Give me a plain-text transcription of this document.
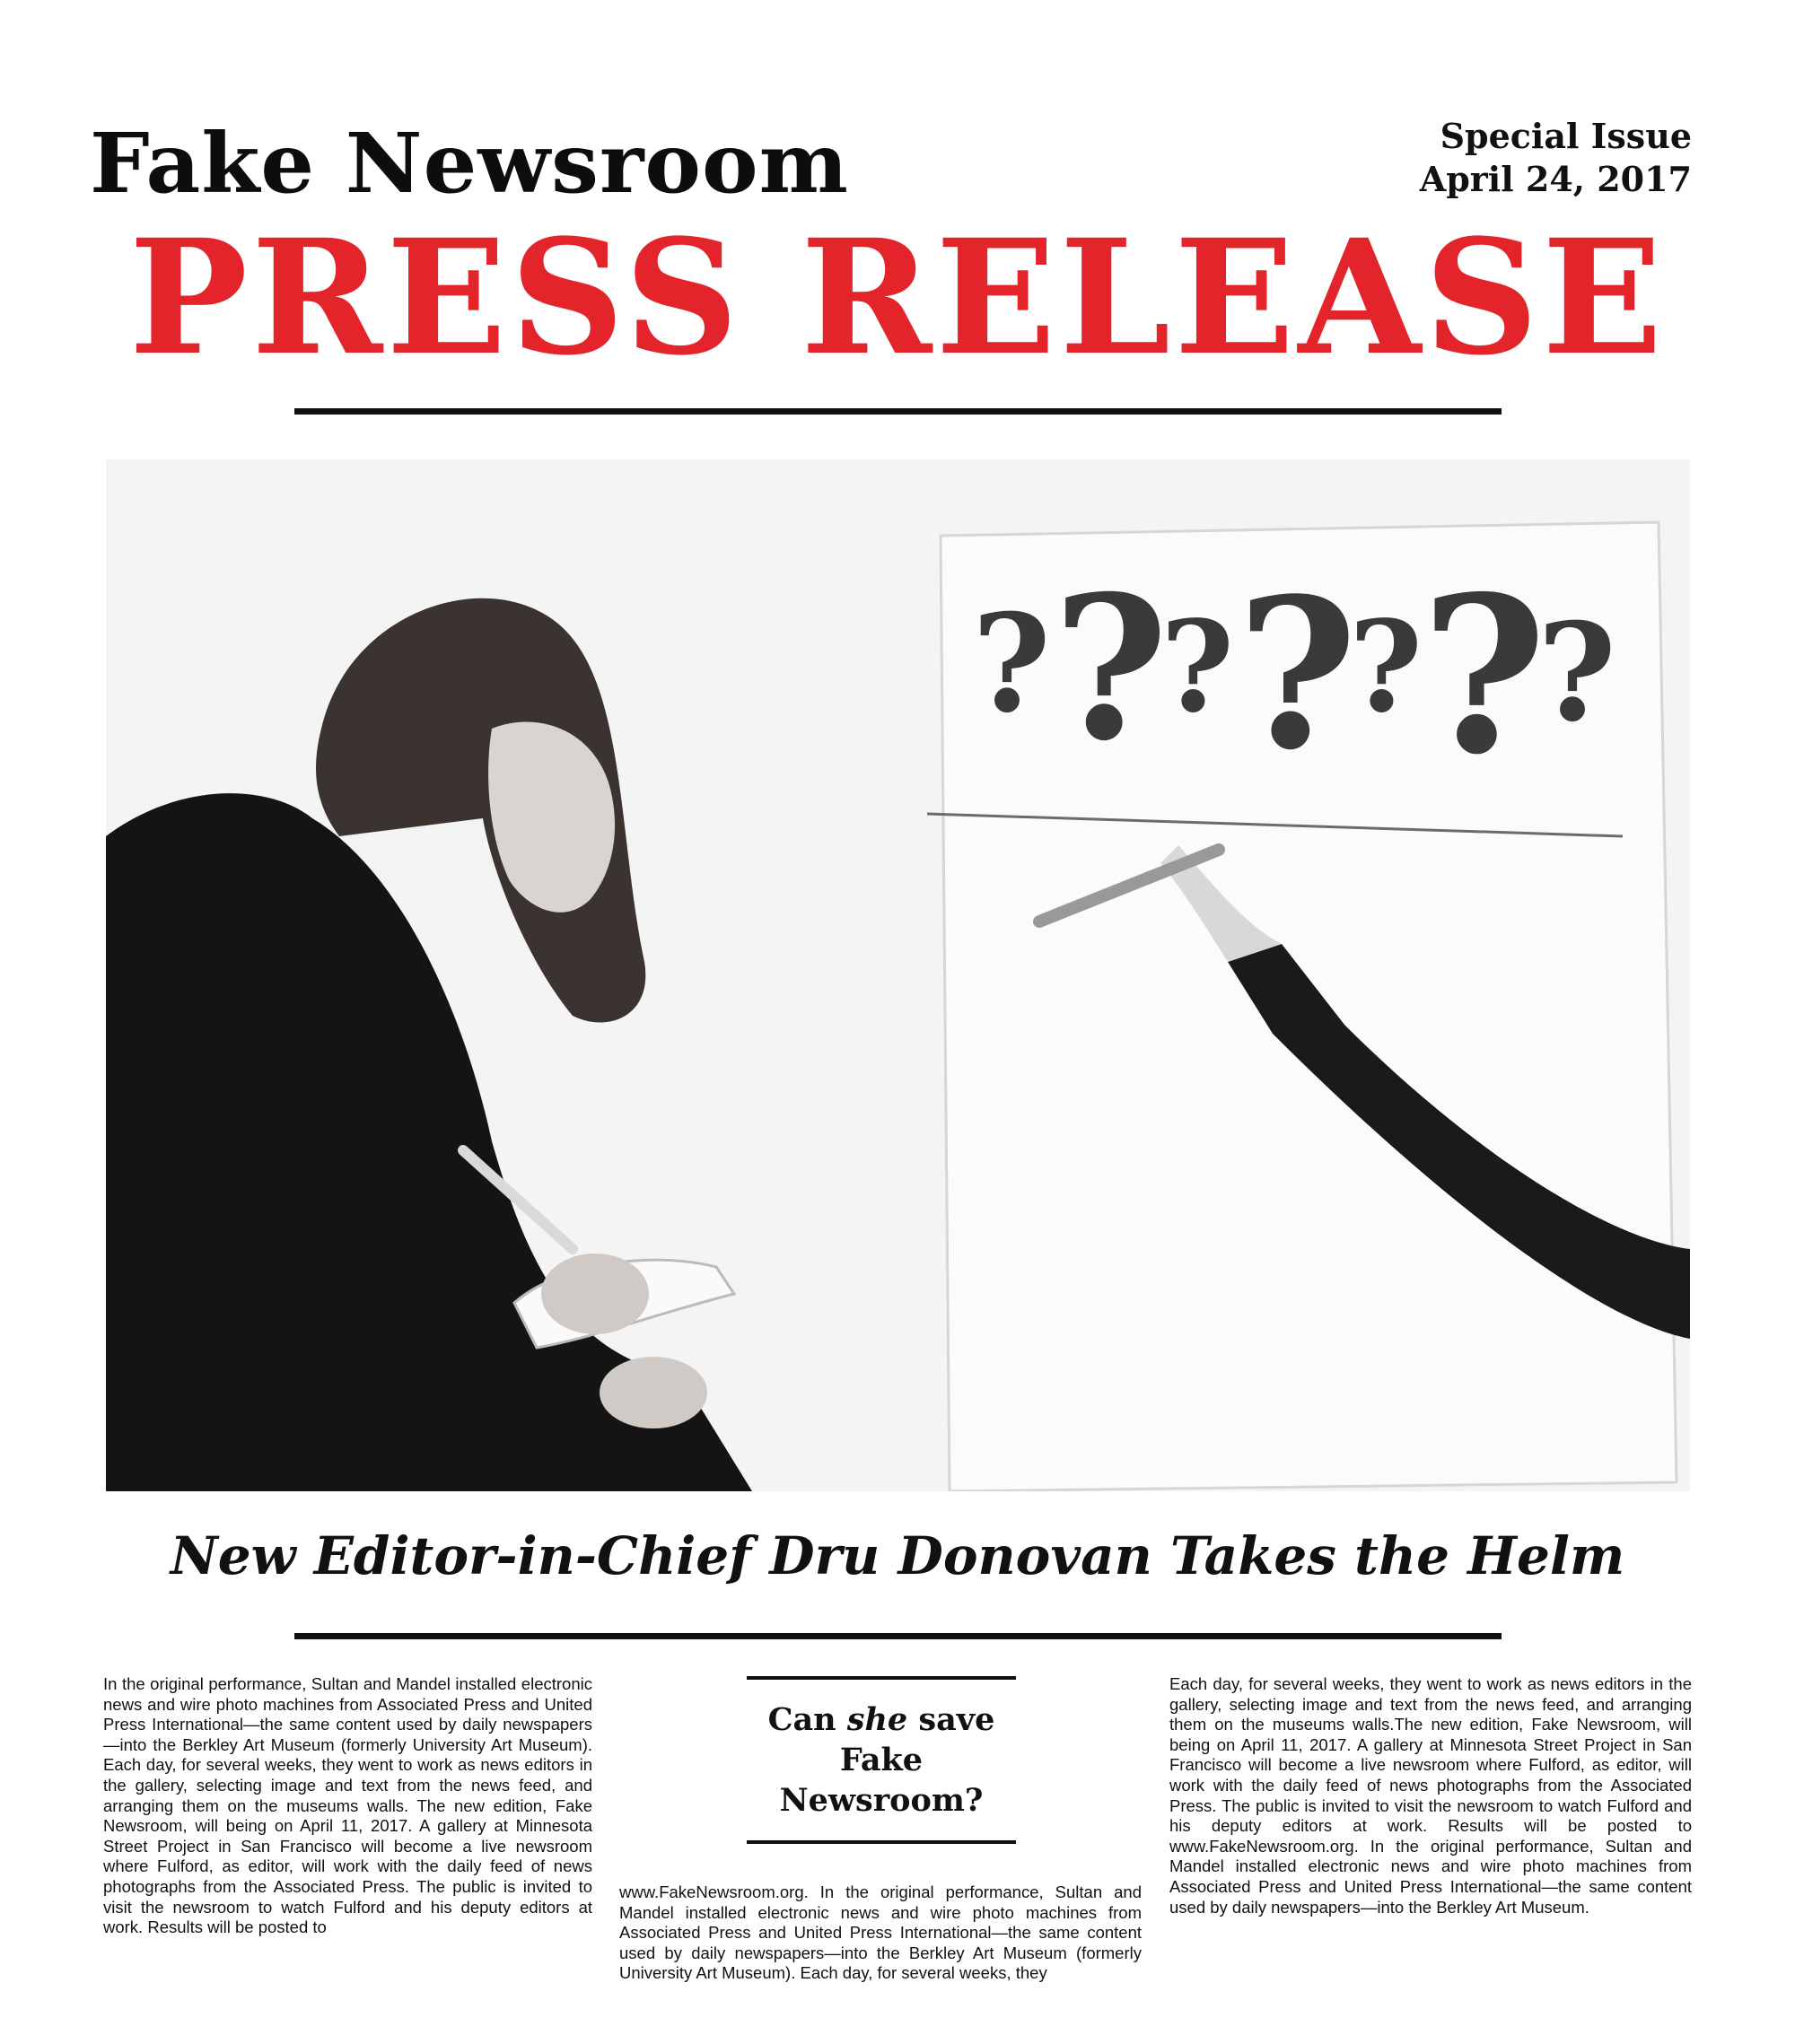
Fake Newsroom	Special Issue
April 24, 2017
PRESS RELEASE
? ?
? ?
?
?
?
New Editor-in-Chief Dru Donovan Takes the Helm
In the original performance, Sultan and Mandel installed electronic news and wire photo machines from Associated Press and United Press International—the same content used by daily newspapers—into the Berkley Art Museum (formerly University Art Museum). Each day, for several weeks, they went to work as news editors in the gallery, selecting image and text from the news feed, and arranging them on the museums walls. The new edition, Fake Newsroom, will being on April 11, 2017. A gallery at Minnesota Street Project in San Francisco will become a live newsroom where Fulford, as editor, will work with the daily feed of news photographs from the Associated Press. The public is invited to visit the newsroom to watch Fulford and his deputy editors at work. Results will be posted to
Can she save Fake Newsroom?
www.FakeNewsroom.org. In the original performance, Sultan and Mandel installed electronic news and wire photo machines from Associated Press and United Press International—the same content used by daily newspapers—into the Berkley Art Museum (formerly University Art Museum). Each day, for several weeks, they
Each day, for several weeks, they went to work as news editors in the gallery, selecting image and text from the news feed, and arranging them on the museums walls.The new edition, Fake Newsroom, will being on April 11, 2017. A gallery at Minnesota Street Project in San Francisco will become a live newsroom where Fulford, as editor, will work with the daily feed of news photographs from the Associated Press. The public is invited to visit the newsroom to watch Fulford and his deputy editors at work. Results will be posted to www.FakeNewsroom.org. In the original performance, Sultan and Mandel installed electronic news and wire photo machines from Associated Press and United Press International—the same content used by daily newspapers—into the Berkley Art Museum.
